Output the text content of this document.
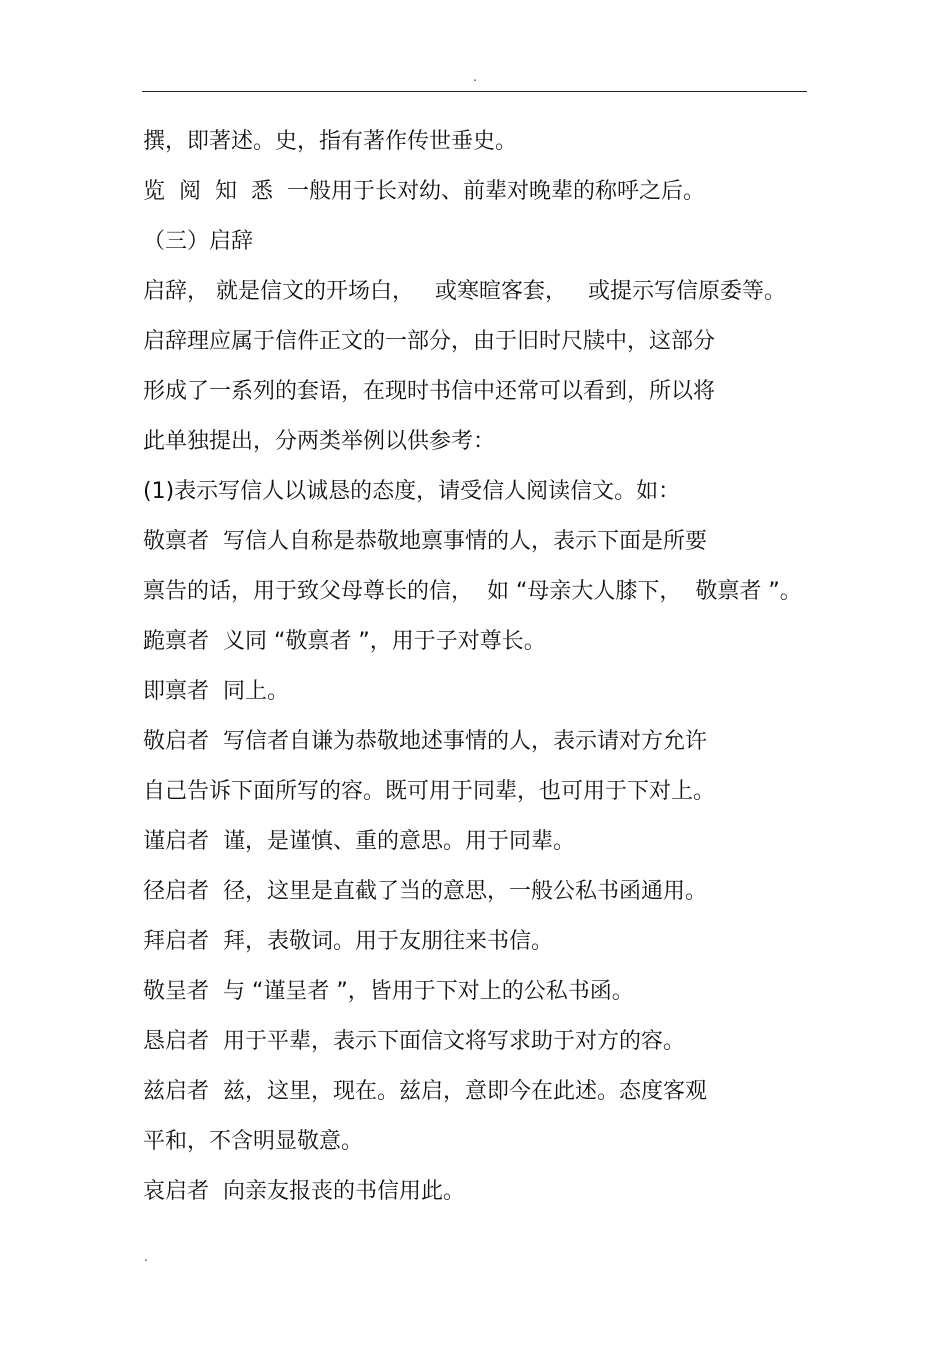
.
撰，即著述。史，指有著作传世垂史。
览  阅  知  悉  一般用于长对幼、前辈对晚辈的称呼之后。
（三）启辞
启辞， 就是信文的开场白，   或寒暄客套，   或提示写信原委等。
启辞理应属于信件正文的一部分，由于旧时尺牍中，这部分
形成了一系列的套语，在现时书信中还常可以看到，所以将
此单独提出，分两类举例以供参考：
(1)表示写信人以诚恳的态度，请受信人阅读信文。如：
敬禀者  写信人自称是恭敬地禀事情的人，表示下面是所要
禀告的话，用于致父母尊长的信，  如 “母亲大人膝下，  敬禀者 ”。
跪禀者  义同 “敬禀者 ”，用于子对尊长。
即禀者  同上。
敬启者  写信者自谦为恭敬地述事情的人，表示请对方允许
自己告诉下面所写的容。既可用于同辈，也可用于下对上。
谨启者  谨，是谨慎、重的意思。用于同辈。
径启者  径，这里是直截了当的意思，一般公私书函通用。
拜启者  拜，表敬词。用于友朋往来书信。
敬呈者  与 “谨呈者 ”，皆用于下对上的公私书函。
恳启者  用于平辈，表示下面信文将写求助于对方的容。
兹启者  兹，这里，现在。兹启，意即今在此述。态度客观
平和，不含明显敬意。
哀启者  向亲友报丧的书信用此。
.
